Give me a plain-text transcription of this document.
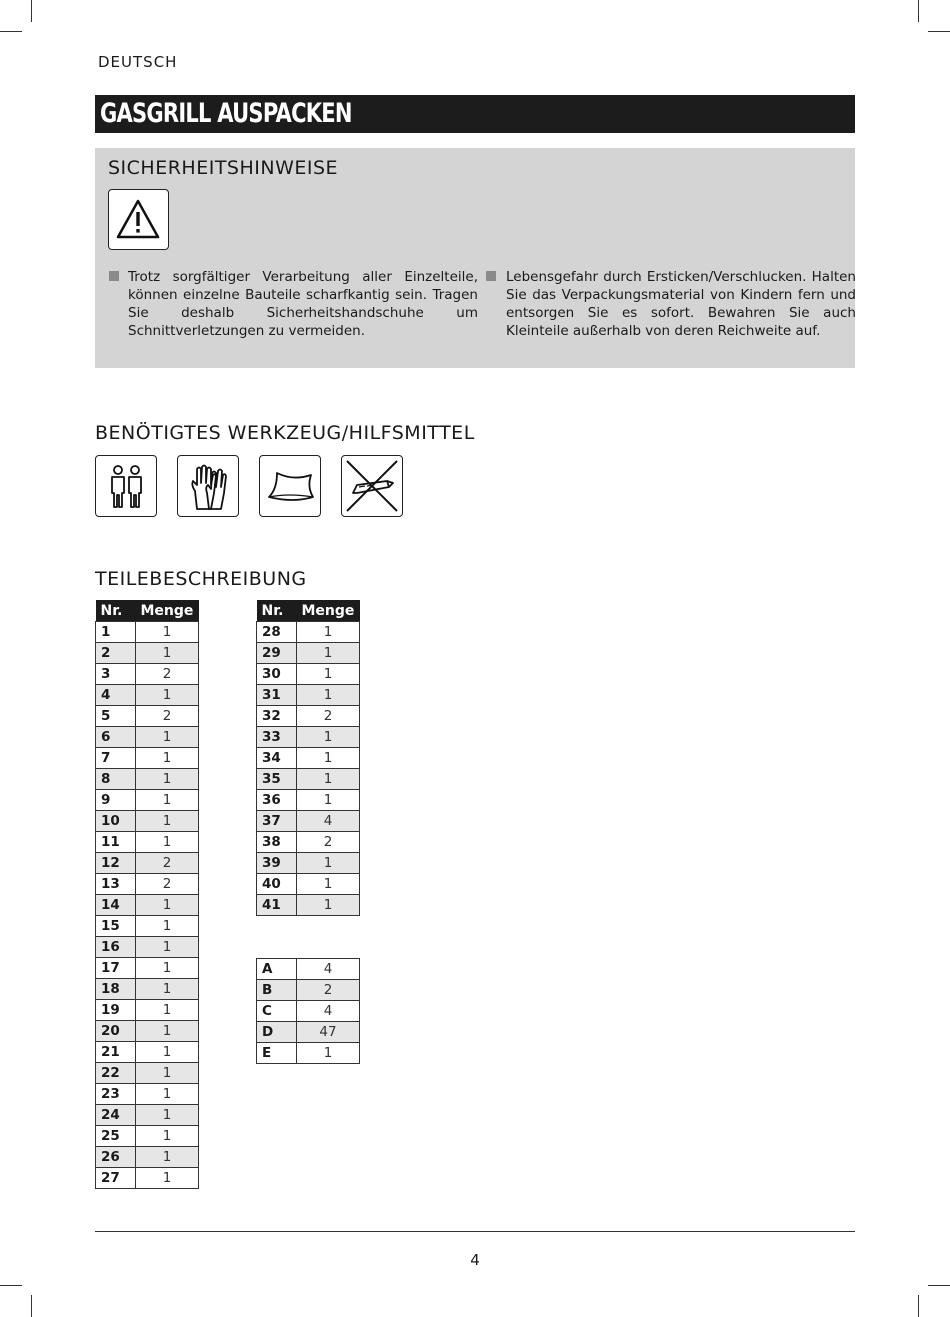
DEUTSCH
GASGRILL AUSPACKEN
SICHERHEITSHINWEISE
Trotz sorgfältiger Verarbeitung aller Einzelteile, können einzelne Bauteile scharfkantig sein. Tragen Sie deshalb Sicherheitshandschuhe um Schnittverletzungen zu vermeiden.
Lebensgefahr durch Ersticken/Verschlucken. Halten Sie das Verpackungsmaterial von Kindern fern und entsorgen Sie es sofort. Bewahren Sie auch Kleinteile außerhalb von deren Reichweite auf.
BENÖTIGTES WERKZEUG/HILFSMITTEL
TEILEBESCHREIBUNG
Nr.	Menge
1	1
2	1
3	2
4	1
5	2
6	1
7	1
8	1
9	1
10	1
11	1
12	2
13	2
14	1
15	1
16	1
17	1
18	1
19	1
20	1
21	1
22	1
23	1
24	1
25	1
26	1
27	1
Nr.	Menge
28	1
29	1
30	1
31	1
32	2
33	1
34	1
35	1
36	1
37	4
38	2
39	1
40	1
41	1
A	4
B	2
C	4
D	47
E	1
4
